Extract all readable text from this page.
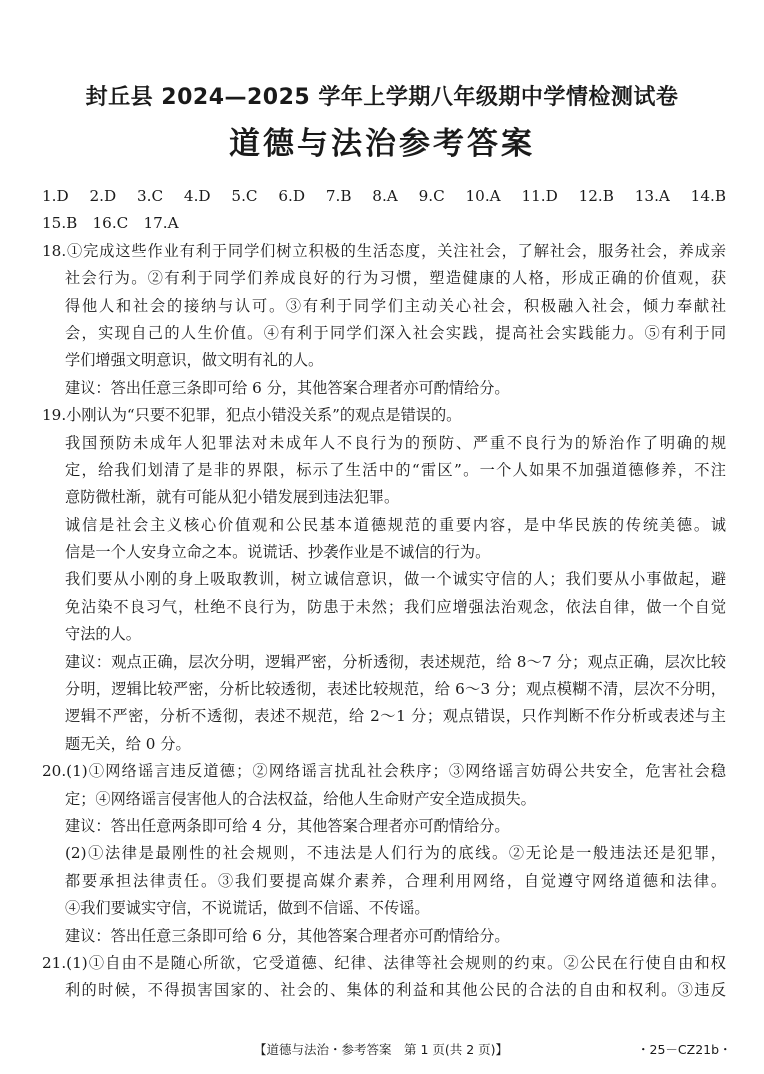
封丘县 2024—2025 学年上学期八年级期中学情检测试卷
道德与法治参考答案
1.D　2.D　3.C　4.D　5.C　6.D　7.B　8.A　9.C　10.A　11.D　12.B　13.A　14.B
15.B　16.C　17.A
18.①完成这些作业有利于同学们树立积极的生活态度，关注社会，了解社会，服务社会，养成亲
社会行为。②有利于同学们养成良好的行为习惯，塑造健康的人格，形成正确的价值观，获
得他人和社会的接纳与认可。③有利于同学们主动关心社会，积极融入社会，倾力奉献社
会，实现自己的人生价值。④有利于同学们深入社会实践，提高社会实践能力。⑤有利于同
学们增强文明意识，做文明有礼的人。
建议：答出任意三条即可给 6 分，其他答案合理者亦可酌情给分。
19.小刚认为“只要不犯罪，犯点小错没关系”的观点是错误的。
我国预防未成年人犯罪法对未成年人不良行为的预防、严重不良行为的矫治作了明确的规
定，给我们划清了是非的界限，标示了生活中的“雷区”。一个人如果不加强道德修养，不注
意防微杜渐，就有可能从犯小错发展到违法犯罪。
诚信是社会主义核心价值观和公民基本道德规范的重要内容，是中华民族的传统美德。诚
信是一个人安身立命之本。说谎话、抄袭作业是不诚信的行为。
我们要从小刚的身上吸取教训，树立诚信意识，做一个诚实守信的人；我们要从小事做起，避
免沾染不良习气，杜绝不良行为，防患于未然；我们应增强法治观念，依法自律，做一个自觉
守法的人。
建议：观点正确，层次分明，逻辑严密，分析透彻，表述规范，给 8～7 分；观点正确，层次比较
分明，逻辑比较严密，分析比较透彻，表述比较规范，给 6～3 分；观点模糊不清，层次不分明，
逻辑不严密，分析不透彻，表述不规范，给 2～1 分；观点错误，只作判断不作分析或表述与主
题无关，给 0 分。
20.(1)①网络谣言违反道德；②网络谣言扰乱社会秩序；③网络谣言妨碍公共安全，危害社会稳
定；④网络谣言侵害他人的合法权益，给他人生命财产安全造成损失。
建议：答出任意两条即可给 4 分，其他答案合理者亦可酌情给分。
(2)①法律是最刚性的社会规则，不违法是人们行为的底线。②无论是一般违法还是犯罪，
都要承担法律责任。③我们要提高媒介素养，合理利用网络，自觉遵守网络道德和法律。
④我们要诚实守信，不说谎话，做到不信谣、不传谣。
建议：答出任意三条即可给 6 分，其他答案合理者亦可酌情给分。
21.(1)①自由不是随心所欲，它受道德、纪律、法律等社会规则的约束。②公民在行使自由和权
利的时候，不得损害国家的、社会的、集体的利益和其他公民的合法的自由和权利。③违反
【道德与法治・参考答案　第 1 页(共 2 页)】	・25－CZ21b・
